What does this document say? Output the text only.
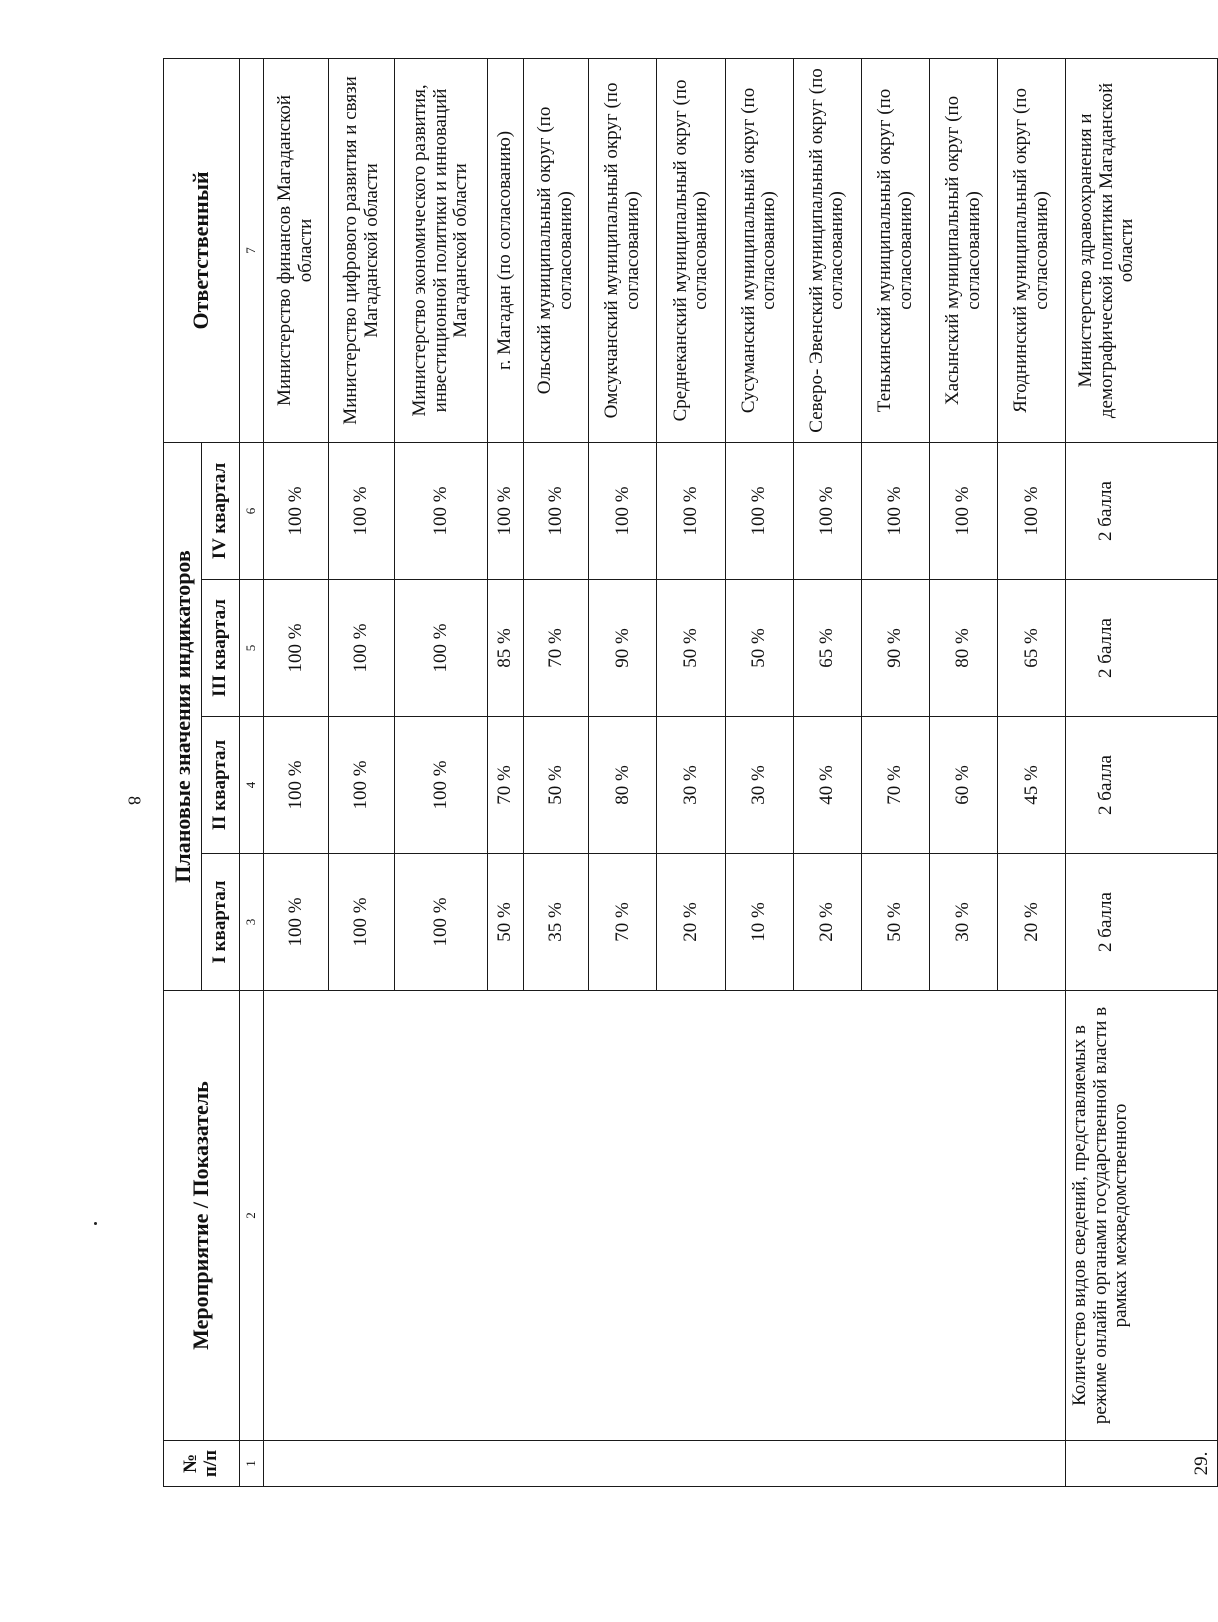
8
№ п/п	Мероприятие / Показатель	Плановые значения индикаторов				Ответственный
		I квартал	II квартал	III квартал	IV квартал	
1	2	3	4	5	6	7
		100 %	100 %	100 %	100 %	Министерство финансов Магаданской области
		100 %	100 %	100 %	100 %	Министерство цифрового развития и связи Магаданской области
		100 %	100 %	100 %	100 %	Министерство экономического развития, инвестиционной политики и инноваций Магаданской области
		50 %	70 %	85 %	100 %	г. Магадан (по согласованию)
		35 %	50 %	70 %	100 %	Ольский муниципальный округ (по согласованию)
		70 %	80 %	90 %	100 %	Омсукчанский муниципальный округ (по согласованию)
		20 %	30 %	50 %	100 %	Среднеканский муниципальный округ (по согласованию)
		10 %	30 %	50 %	100 %	Сусуманский муниципальный округ (по согласованию)
		20 %	40 %	65 %	100 %	Северо- Эвенский муниципальный округ (по согласованию)
		50 %	70 %	90 %	100 %	Тенькинский муниципальный округ (по согласованию)
		30 %	60 %	80 %	100 %	Хасынский муниципальный округ (по согласованию)
		20 %	45 %	65 %	100 %	Ягоднинский муниципальный округ (по согласованию)
29.	Количество видов сведений, представляемых в режиме онлайн органами государственной власти в рамках межведомственного	2 балла	2 балла	2 балла	2 балла	Министерство здравоохранения и демографической политики Магаданской области
